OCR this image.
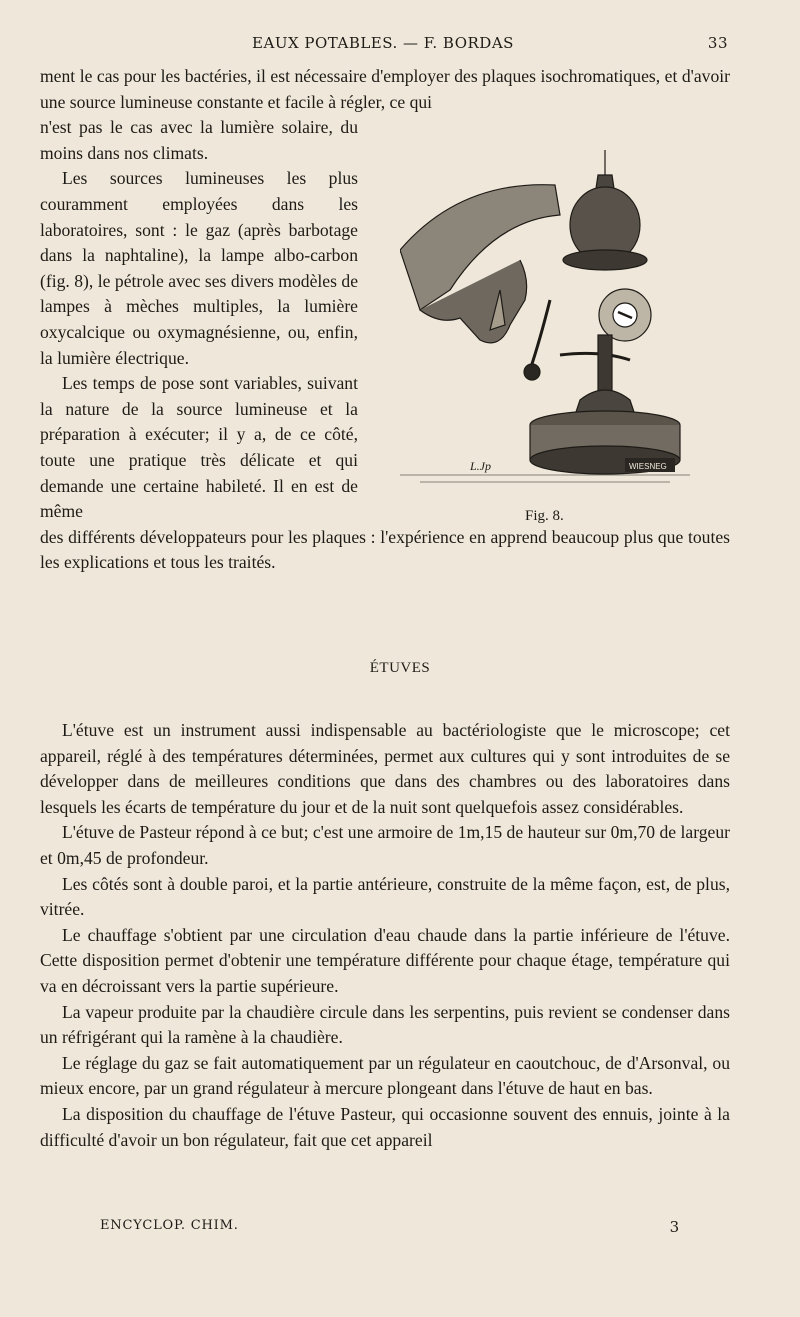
EAUX POTABLES. — F. BORDAS	33

ment le cas pour les bactéries, il est nécessaire d'employer des plaques isochromatiques, et d'avoir une source lumineuse constante et facile à régler, ce qui

n'est pas le cas avec la lumière solaire, du moins dans nos climats.

Les sources lumineuses les plus couramment employées dans les laboratoires, sont : le gaz (après barbotage dans la naphtaline), la lampe albo-carbon (fig. 8), le pétrole avec ses divers modèles de lampes à mèches multiples, la lumière oxycalcique ou oxymagnésienne, ou, enfin, la lumière électrique.

Les temps de pose sont variables, suivant la nature de la source lumineuse et la préparation à exécuter; il y a, de ce côté, toute une pratique très délicate et qui demande une certaine habileté. Il en est de même

des différents développateurs pour les plaques : l'expérience en apprend beaucoup plus que toutes les explications et tous les traités.

WIESNEG
L.Jp
Fig. 8.
ÉTUVES

L'étuve est un instrument aussi indispensable au bactériologiste que le microscope; cet appareil, réglé à des températures déterminées, permet aux cultures qui y sont introduites de se développer dans de meilleures conditions que dans des chambres ou des laboratoires dans lesquels les écarts de température du jour et de la nuit sont quelquefois assez considérables.

L'étuve de Pasteur répond à ce but; c'est une armoire de 1m,15 de hauteur sur 0m,70 de largeur et 0m,45 de profondeur.

Les côtés sont à double paroi, et la partie antérieure, construite de la même façon, est, de plus, vitrée.

Le chauffage s'obtient par une circulation d'eau chaude dans la partie inférieure de l'étuve. Cette disposition permet d'obtenir une température différente pour chaque étage, température qui va en décroissant vers la partie supérieure.

La vapeur produite par la chaudière circule dans les serpentins, puis revient se condenser dans un réfrigérant qui la ramène à la chaudière.

Le réglage du gaz se fait automatiquement par un régulateur en caoutchouc, de d'Arsonval, ou mieux encore, par un grand régulateur à mercure plongeant dans l'étuve de haut en bas.

La disposition du chauffage de l'étuve Pasteur, qui occasionne souvent des ennuis, jointe à la difficulté d'avoir un bon régulateur, fait que cet appareil

ENCYCLOP. CHIM.	3
